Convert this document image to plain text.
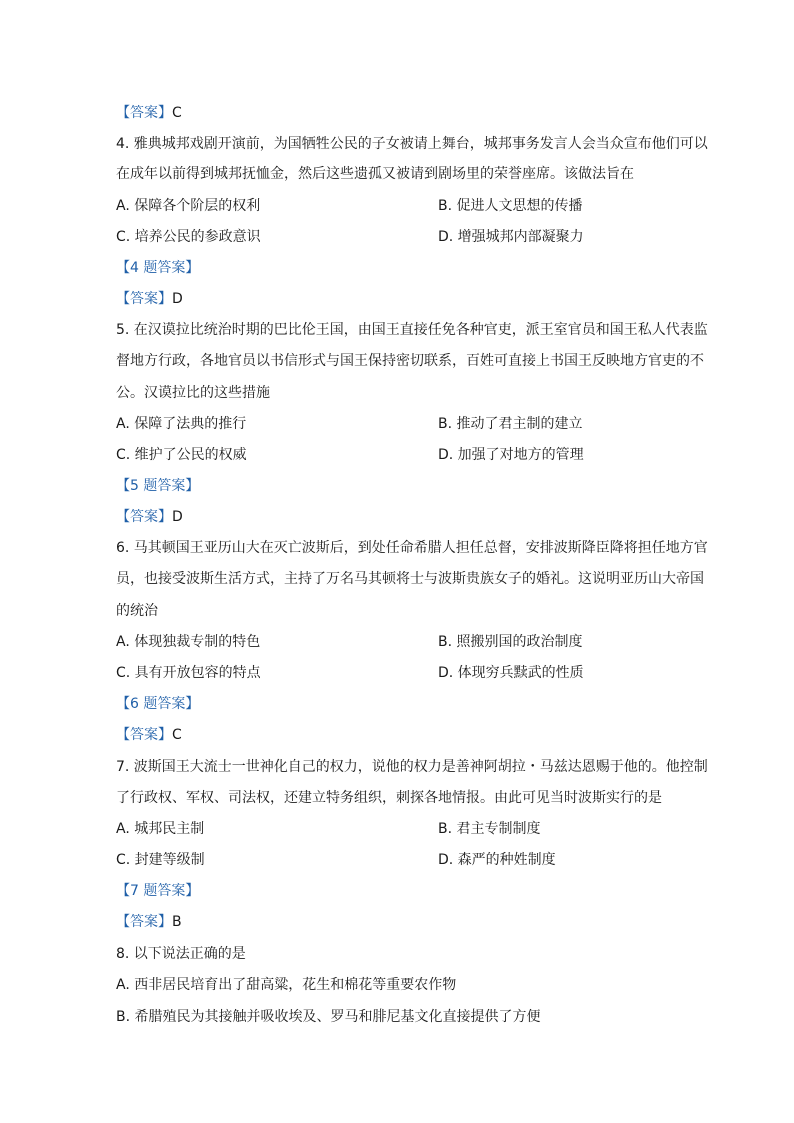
【答案】C
4. 雅典城邦戏剧开演前，为国牺牲公民的子女被请上舞台，城邦事务发言人会当众宣布他们可以
在成年以前得到城邦抚恤金，然后这些遗孤又被请到剧场里的荣誉座席。该做法旨在
A. 保障各个阶层的权利	B. 促进人文思想的传播
C. 培养公民的参政意识	D. 增强城邦内部凝聚力
【4 题答案】
【答案】D
5. 在汉谟拉比统治时期的巴比伦王国，由国王直接任免各种官吏，派王室官员和国王私人代表监
督地方行政，各地官员以书信形式与国王保持密切联系，百姓可直接上书国王反映地方官吏的不
公。汉谟拉比的这些措施
A. 保障了法典的推行	B. 推动了君主制的建立
C. 维护了公民的权威	D. 加强了对地方的管理
【5 题答案】
【答案】D
6. 马其顿国王亚历山大在灭亡波斯后，到处任命希腊人担任总督，安排波斯降臣降将担任地方官
员，也接受波斯生活方式，主持了万名马其顿将士与波斯贵族女子的婚礼。这说明亚历山大帝国
的统治
A. 体现独裁专制的特色	B. 照搬别国的政治制度
C. 具有开放包容的特点	D. 体现穷兵黩武的性质
【6 题答案】
【答案】C
7. 波斯国王大流士一世神化自己的权力，说他的权力是善神阿胡拉・马兹达恩赐于他的。他控制
了行政权、军权、司法权，还建立特务组织，刺探各地情报。由此可见当时波斯实行的是
A. 城邦民主制	B. 君主专制制度
C. 封建等级制	D. 森严的种姓制度
【7 题答案】
【答案】B
8. 以下说法正确的是
A. 西非居民培育出了甜高粱，花生和棉花等重要农作物
B. 希腊殖民为其接触并吸收埃及、罗马和腓尼基文化直接提供了方便
